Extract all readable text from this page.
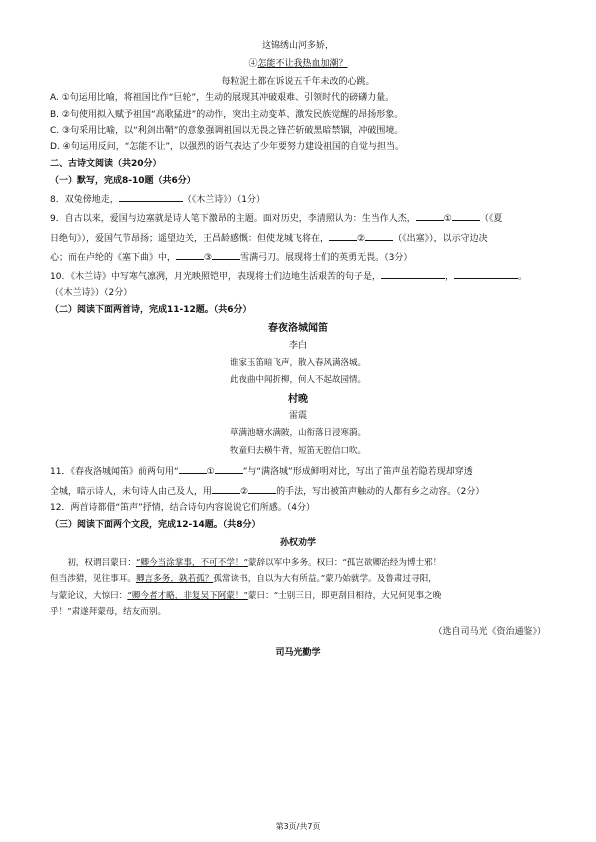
这锦绣山河多娇，

④怎能不让我热血加潮？

每粒泥土都在诉说五千年未改的心跳。

A. ①句运用比喻，将祖国比作“巨轮”，生动的展现其冲破艰难、引领时代的磅礴力量。

B. ②句使用拟入赋予祖国“高歌猛进”的动作，突出主动变革、激发民族觉醒的昂扬形象。

C. ③句采用比喻，以“利剑出鞘”的意象强调祖国以无畏之锋芒斩破黑暗禁锢，冲破围境。

D. ④句运用反问，“怎能不让”，以强烈的语气表达了少年要努力建设祖国的自觉与担当。

二、古诗文阅读（共20分）

（一）默写，完成8-10题（共6分）

8．双兔傍地走，	（《木兰诗》）（1分）

9．自古以来，爱国与边塞就是诗人笔下激昂的主题。面对历史，李清照认为：生当作人杰，	①	（《夏

日绝句》），爱国气节昂扬；遥望边关，王昌龄感慨：但使龙城飞将在，	②	（《出塞》），以示守边决

心；而在卢纶的《塞下曲》中，	③	雪满弓刀。展现将士们的英勇无畏。（3分）

10．《木兰诗》中写寒气凛冽，月光映照铠甲，表现将士们边地生活艰苦的句子是，	，	。

（《木兰诗》）（2分）

（二）阅读下面两首诗，完成11-12题。（共6分）

春夜洛城闻笛

李白

谁家玉笛暗飞声，散入春风满洛城。

此夜曲中闻折柳，何人不起故园情。

村晚

雷震

草满池塘水满陂，山衔落日浸寒漪。

牧童归去横牛背，短笛无腔信口吹。

11．《春夜洛城闻笛》前两句用“	①	”与“满洛城”形成鲜明对比，写出了笛声虽若隐若现却穿透

全城，暗示诗人，未句诗人由己及人，用	②	的手法，写出被笛声触动的人都有乡之动容。（2分）

12．两首诗都借“笛声”抒情，结合诗句内容说说它们所感。（4分）

（三）阅读下面两个文段，完成12-14题。（共8分）

孙权劝学

初，权谓吕蒙曰：“卿今当涂掌事，不可不学！”蒙辞以军中多务。权曰：“孤岂欲卿治经为博士邪！

但当涉猎，见往事耳。卿言多务，孰若孤？孤常读书，自以为大有所益。”蒙乃始就学。及鲁肃过寻阳，

与蒙论议，大惊曰：“卿今者才略，非复吴下阿蒙！”蒙曰：“士别三日，即更刮目相待，大兄何见事之晚

乎！”肃遂拜蒙母，结友而别。

（选自司马光《资治通鉴》）

司马光勤学

第3页/共7页
